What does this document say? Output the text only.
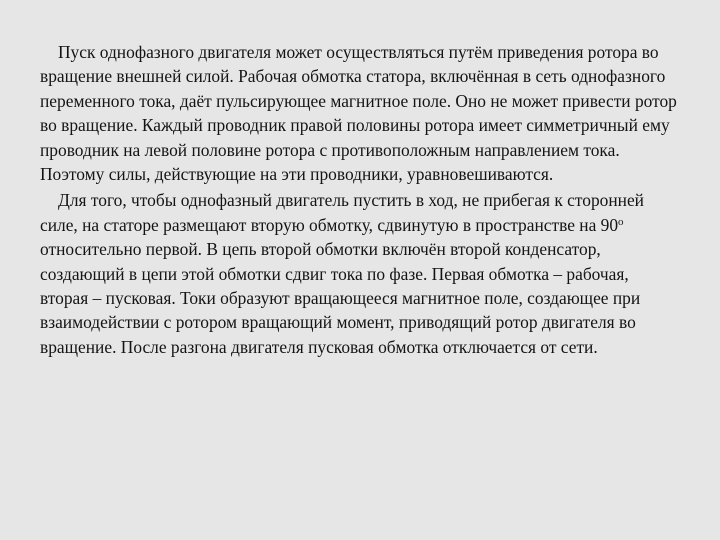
Пуск однофазного двигателя может осуществляться путём приведения ротора во вращение внешней силой. Рабочая обмотка статора, включённая в сеть однофазного переменного тока, даёт пульсирующее магнитное поле. Оно не может привести ротор во вращение. Каждый проводник правой половины ротора имеет симметричный ему проводник на левой половине ротора с противоположным направлением тока. Поэтому силы, действующие на эти проводники, уравновешиваются.

Для того, чтобы однофазный двигатель пустить в ход, не прибегая к сторонней силе, на статоре размещают вторую обмотку, сдвинутую в пространстве на $90^о$ относительно первой. В цепь второй обмотки включён второй конденсатор, создающий в цепи этой обмотки сдвиг тока по фазе. Первая обмотка – рабочая, вторая – пусковая. Токи образуют вращающееся магнитное поле, создающее при взаимодействии с ротором вращающий момент, приводящий ротор двигателя во вращение. После разгона двигателя пусковая обмотка отключается от сети.
